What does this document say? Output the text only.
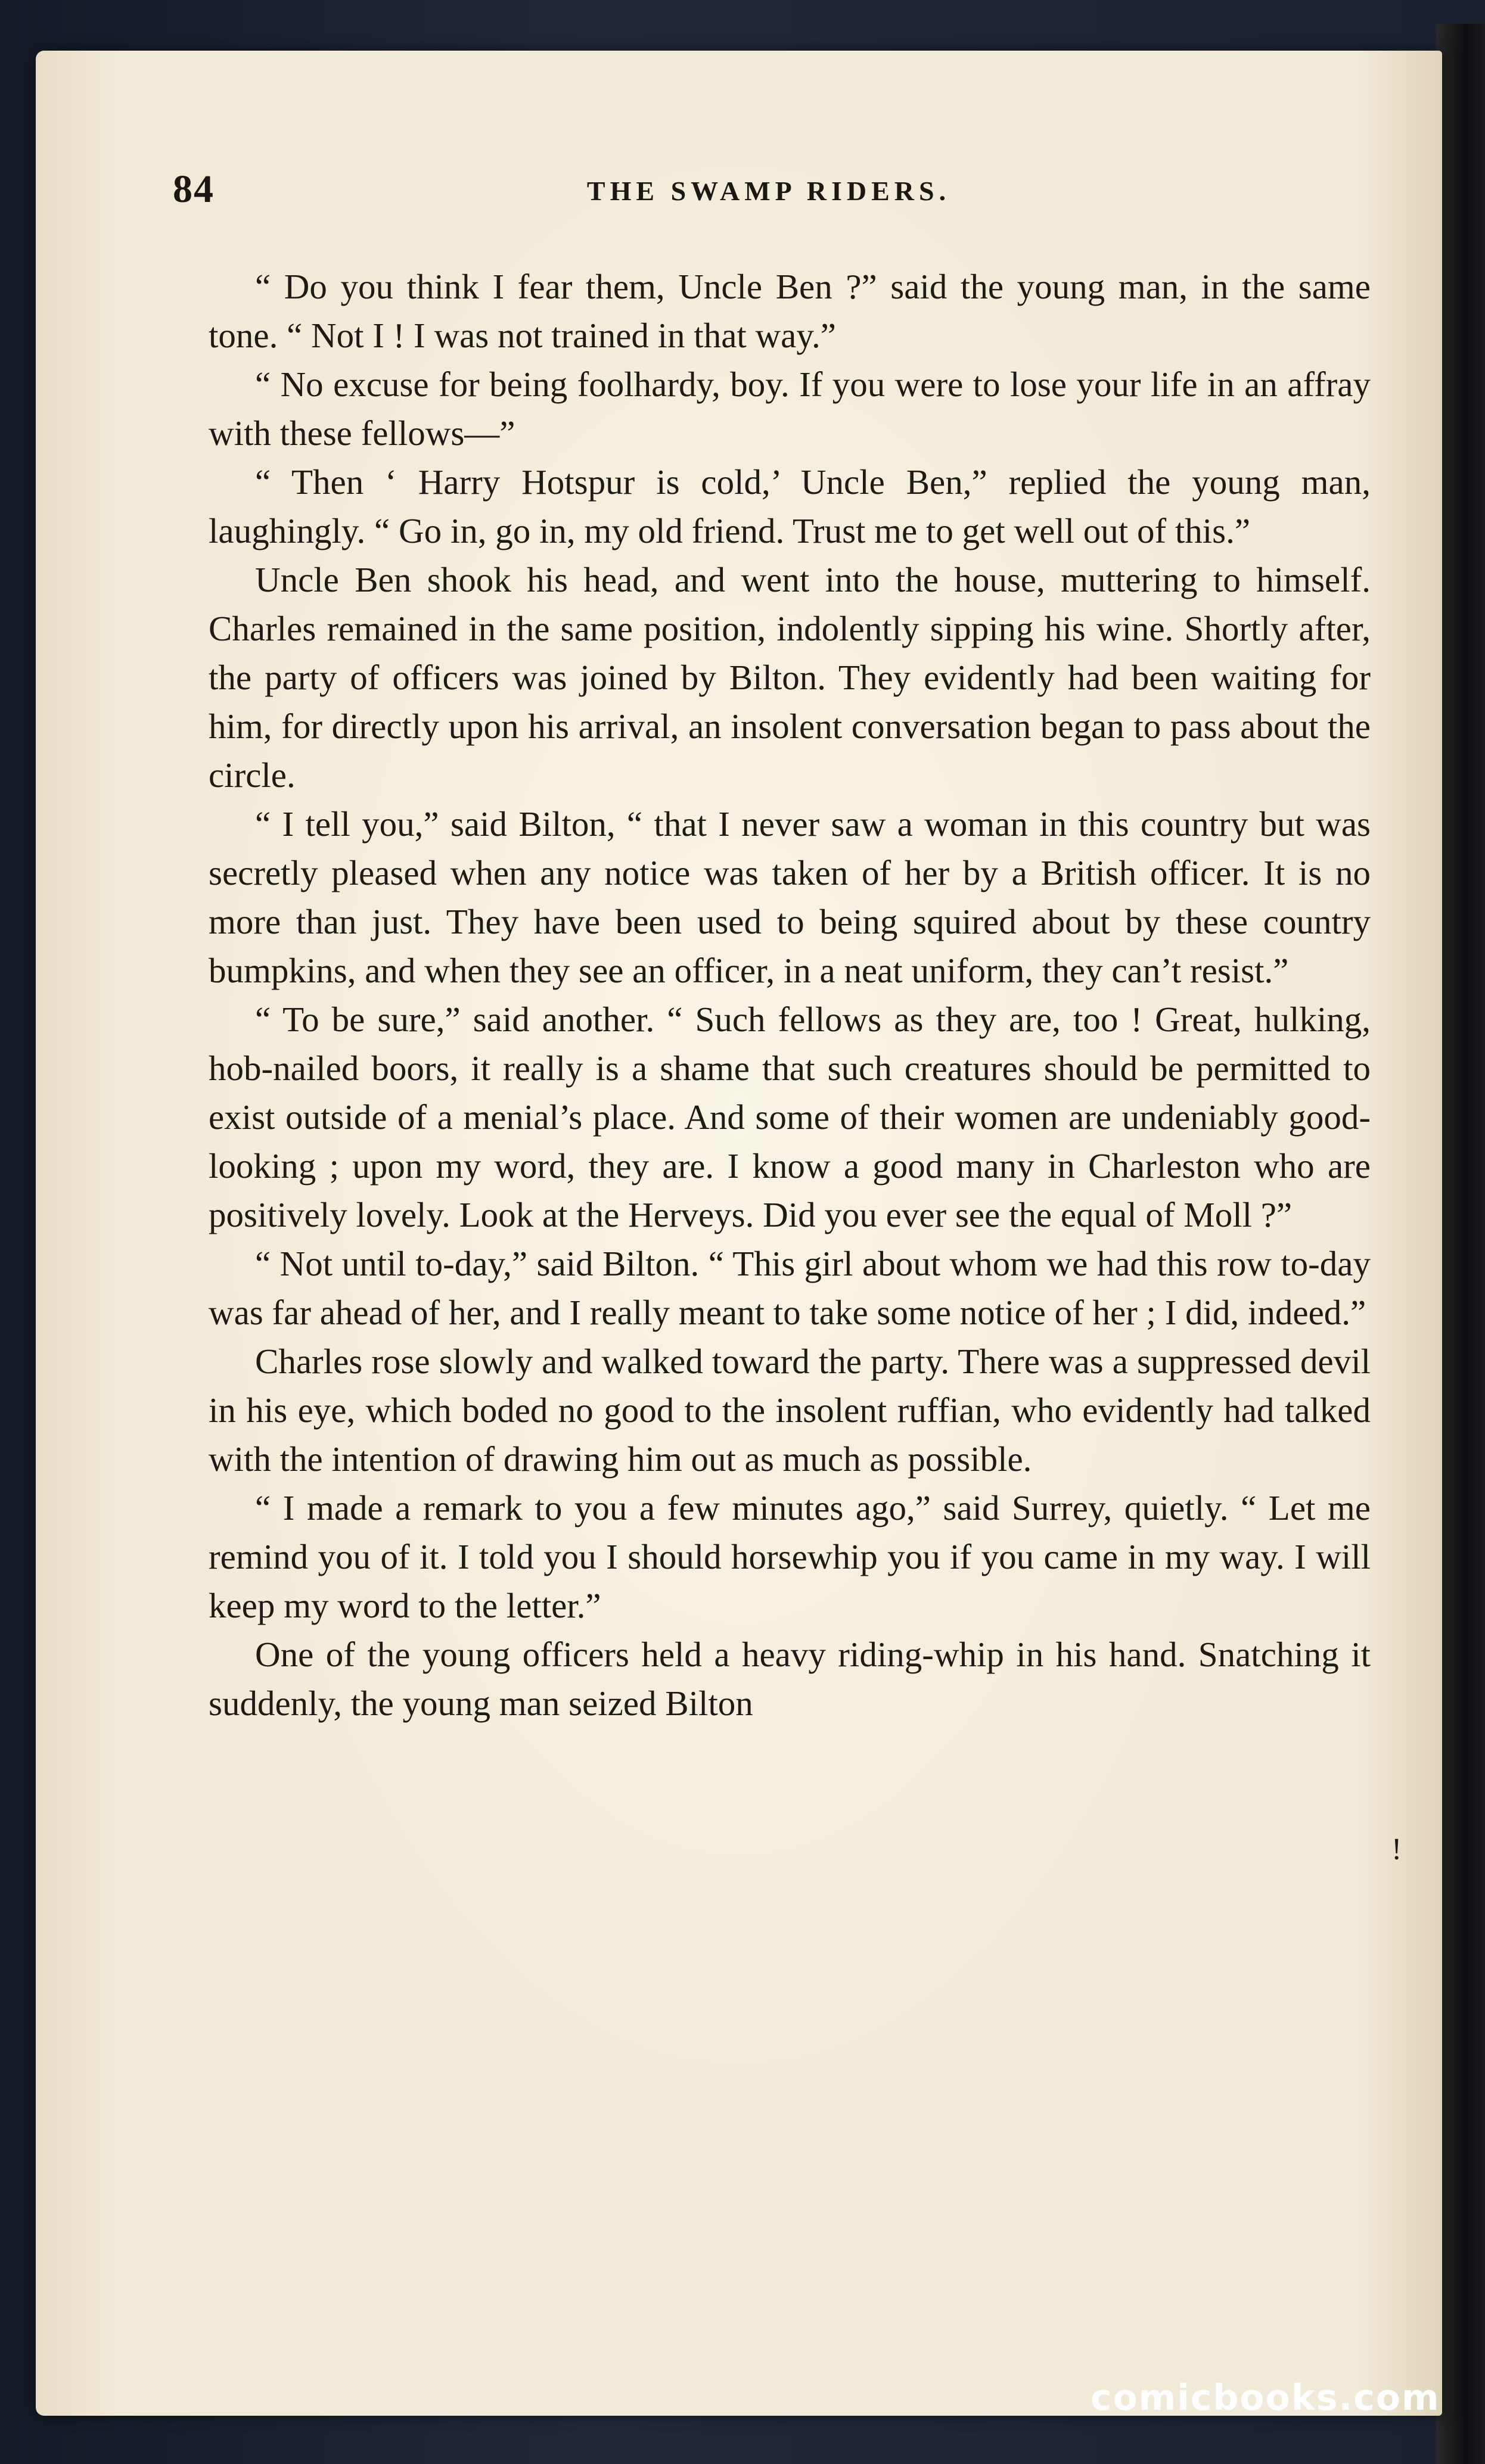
84	THE SWAMP RIDERS.

“ Do you think I fear them, Uncle Ben ?” said the young man, in the same tone. “ Not I ! I was not trained in that way.”

“ No excuse for being foolhardy, boy. If you were to lose your life in an affray with these fellows—”

“ Then ‘ Harry Hotspur is cold,’ Uncle Ben,” replied the young man, laughingly. “ Go in, go in, my old friend. Trust me to get well out of this.”

Uncle Ben shook his head, and went into the house, muttering to himself. Charles remained in the same position, indolently sipping his wine. Shortly after, the party of officers was joined by Bilton. They evidently had been waiting for him, for directly upon his arrival, an insolent conversation began to pass about the circle.

“ I tell you,” said Bilton, “ that I never saw a woman in this country but was secretly pleased when any notice was taken of her by a British officer. It is no more than just. They have been used to being squired about by these country bumpkins, and when they see an officer, in a neat uniform, they can’t resist.”

“ To be sure,” said another. “ Such fellows as they are, too ! Great, hulking, hob-nailed boors, it really is a shame that such creatures should be permitted to exist outside of a menial’s place. And some of their women are undeniably good-looking ; upon my word, they are. I know a good many in Charleston who are positively lovely. Look at the Herveys. Did you ever see the equal of Moll ?”

“ Not until to-day,” said Bilton. “ This girl about whom we had this row to-day was far ahead of her, and I really meant to take some notice of her ; I did, indeed.”

Charles rose slowly and walked toward the party. There was a suppressed devil in his eye, which boded no good to the insolent ruffian, who evidently had talked with the intention of drawing him out as much as possible.

“ I made a remark to you a few minutes ago,” said Surrey, quietly. “ Let me remind you of it. I told you I should horsewhip you if you came in my way. I will keep my word to the letter.”

One of the young officers held a heavy riding-whip in his hand. Snatching it suddenly, the young man seized Bilton

!
comicbooks.com
